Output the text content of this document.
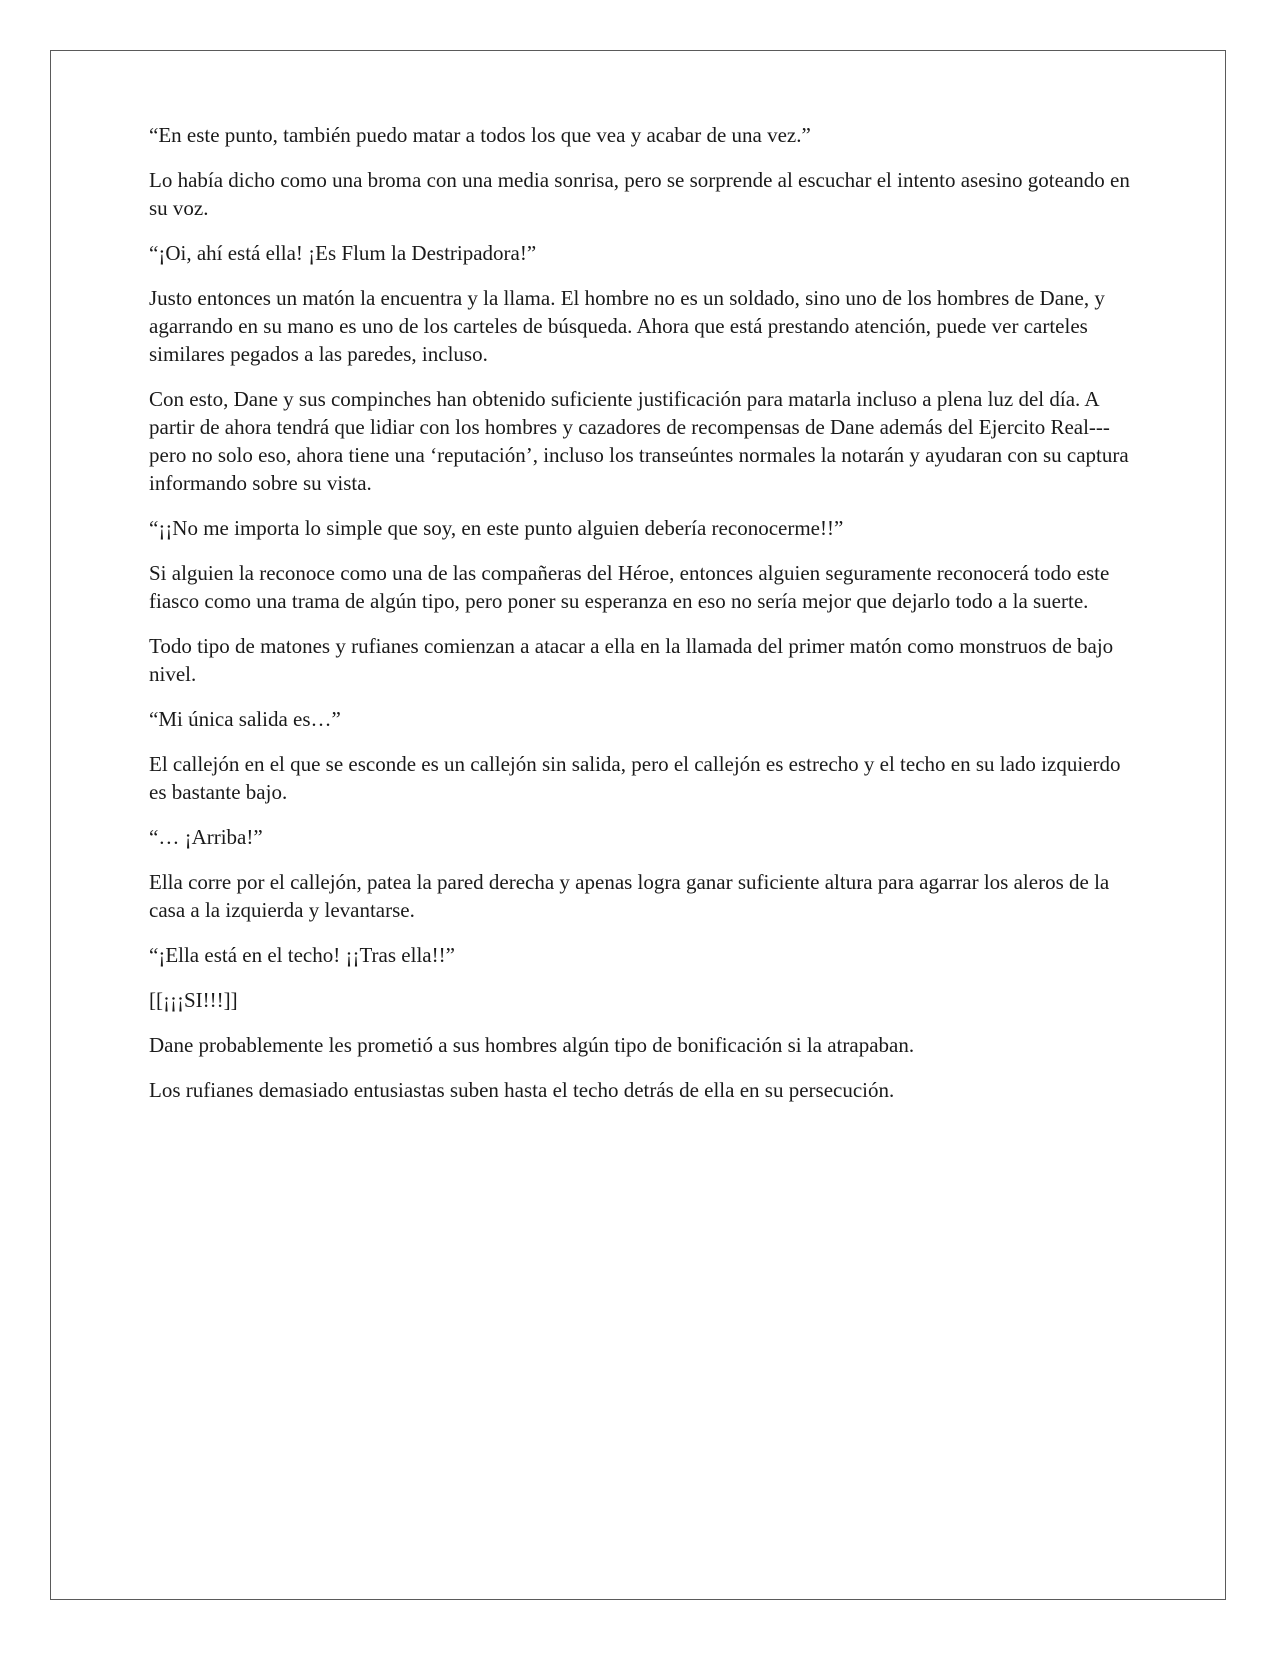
“En este punto, también puedo matar a todos los que vea y acabar de una vez.”

Lo había dicho como una broma con una media sonrisa, pero se sorprende al escuchar el intento asesino goteando en su voz.

“¡Oi, ahí está ella! ¡Es Flum la Destripadora!”

Justo entonces un matón la encuentra y la llama. El hombre no es un soldado, sino uno de los hombres de Dane, y agarrando en su mano es uno de los carteles de búsqueda. Ahora que está prestando atención, puede ver carteles similares pegados a las paredes, incluso.

Con esto, Dane y sus compinches han obtenido suficiente justificación para matarla incluso a plena luz del día. A partir de ahora tendrá que lidiar con los hombres y cazadores de recompensas de Dane además del Ejercito Real--- pero no solo eso, ahora tiene una ‘reputación’, incluso los transeúntes normales la notarán y ayudaran con su captura informando sobre su vista.

“¡¡No me importa lo simple que soy, en este punto alguien debería reconocerme!!”

Si alguien la reconoce como una de las compañeras del Héroe, entonces alguien seguramente reconocerá todo este fiasco como una trama de algún tipo, pero poner su esperanza en eso no sería mejor que dejarlo todo a la suerte.

Todo tipo de matones y rufianes comienzan a atacar a ella en la llamada del primer matón como monstruos de bajo nivel.

“Mi única salida es…”

El callejón en el que se esconde es un callejón sin salida, pero el callejón es estrecho y el techo en su lado izquierdo es bastante bajo.

“… ¡Arriba!”

Ella corre por el callejón, patea la pared derecha y apenas logra ganar suficiente altura para agarrar los aleros de la casa a la izquierda y levantarse.

“¡Ella está en el techo! ¡¡Tras ella!!”

[[¡¡¡SI!!!]]

Dane probablemente les prometió a sus hombres algún tipo de bonificación si la atrapaban.

Los rufianes demasiado entusiastas suben hasta el techo detrás de ella en su persecución.
